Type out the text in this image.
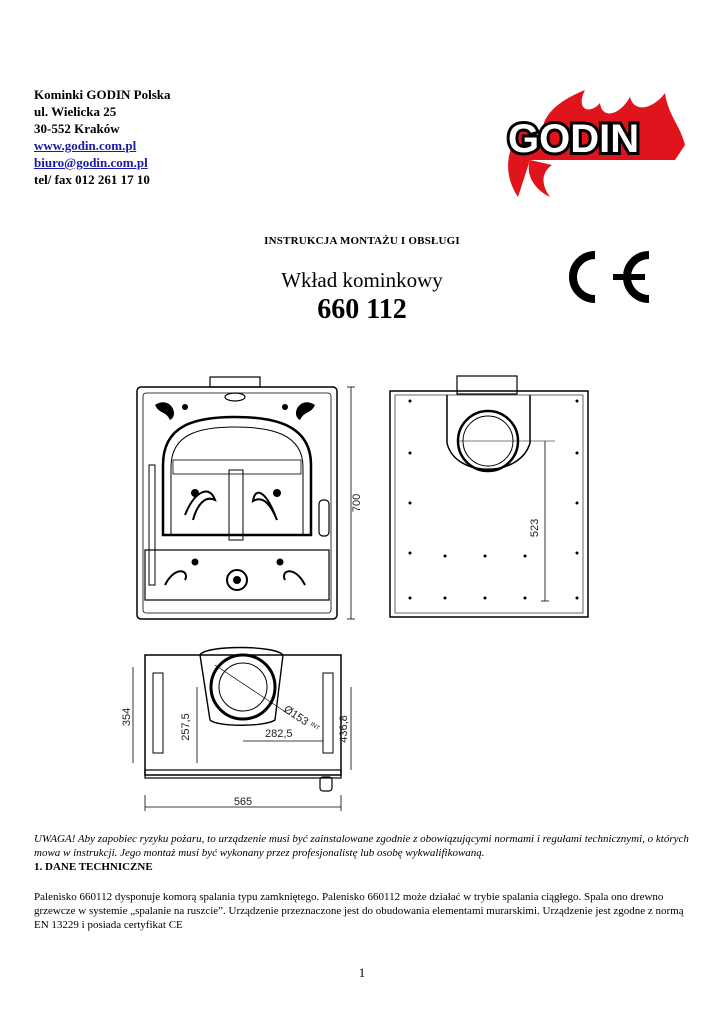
Kominki GODIN Polska
ul. Wielicka 25
30-552 Kraków
www.godin.com.pl
biuro@godin.com.pl
tel/ fax 012 261 17 10
GODIN
INSTRUKCJA MONTAŻU I OBSŁUGI
Wkład kominkowy
660 112
700
523
Ø153
INT
282,5
257,5
354	436,8
565
UWAGA! Aby zapobiec ryzyku pożaru, to urządzenie musi być zainstalowane zgodnie z obowiązującymi normami i regułami technicznymi, o których mowa w instrukcji. Jego montaż musi być wykonany przez profesjonalistę lub osobę wykwalifikowaną.
1. DANE TECHNICZNE
Palenisko 660112 dysponuje komorą spalania typu zamkniętego. Palenisko 660112 może działać w trybie spalania ciągłego. Spala ono drewno grzewcze w systemie „spalanie na ruszcie”. Urządzenie przeznaczone jest do obudowania elementami murarskimi. Urządzenie jest zgodne z normą EN 13229 i posiada certyfikat CE
1
